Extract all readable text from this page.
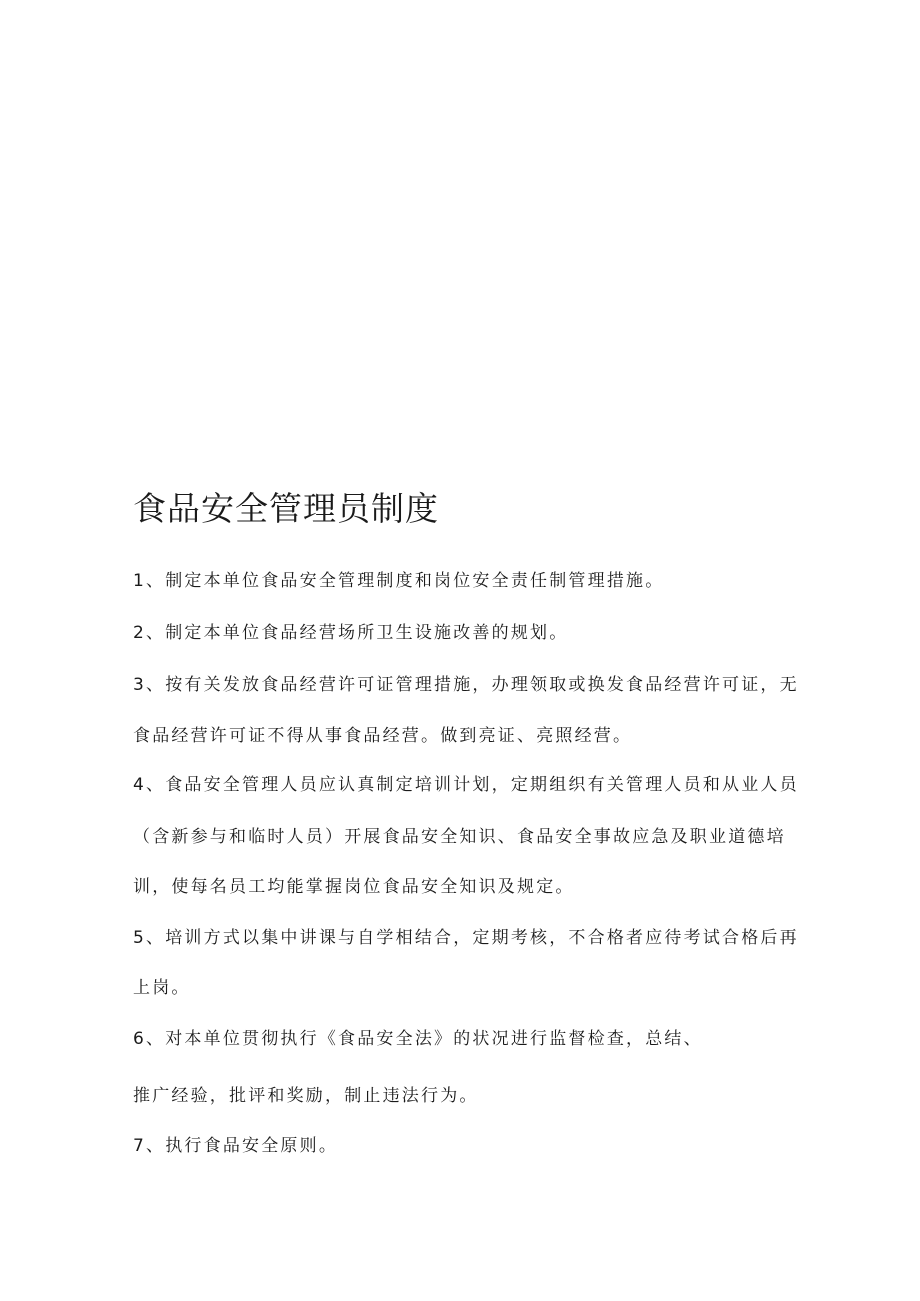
食品安全管理员制度

1、制定本单位食品安全管理制度和岗位安全责任制管理措施。

2、制定本单位食品经营场所卫生设施改善的规划。

3、按有关发放食品经营许可证管理措施，办理领取或换发食品经营许可证，无

食品经营许可证不得从事食品经营。做到亮证、亮照经营。

4、食品安全管理人员应认真制定培训计划，定期组织有关管理人员和从业人员

（含新参与和临时人员）开展食品安全知识、食品安全事故应急及职业道德培

训，使每名员工均能掌握岗位食品安全知识及规定。

5、培训方式以集中讲课与自学相结合，定期考核，不合格者应待考试合格后再

上岗。

6、对本单位贯彻执行《食品安全法》的状况进行监督检查，总结、

推广经验，批评和奖励，制止违法行为。

7、执行食品安全原则。
